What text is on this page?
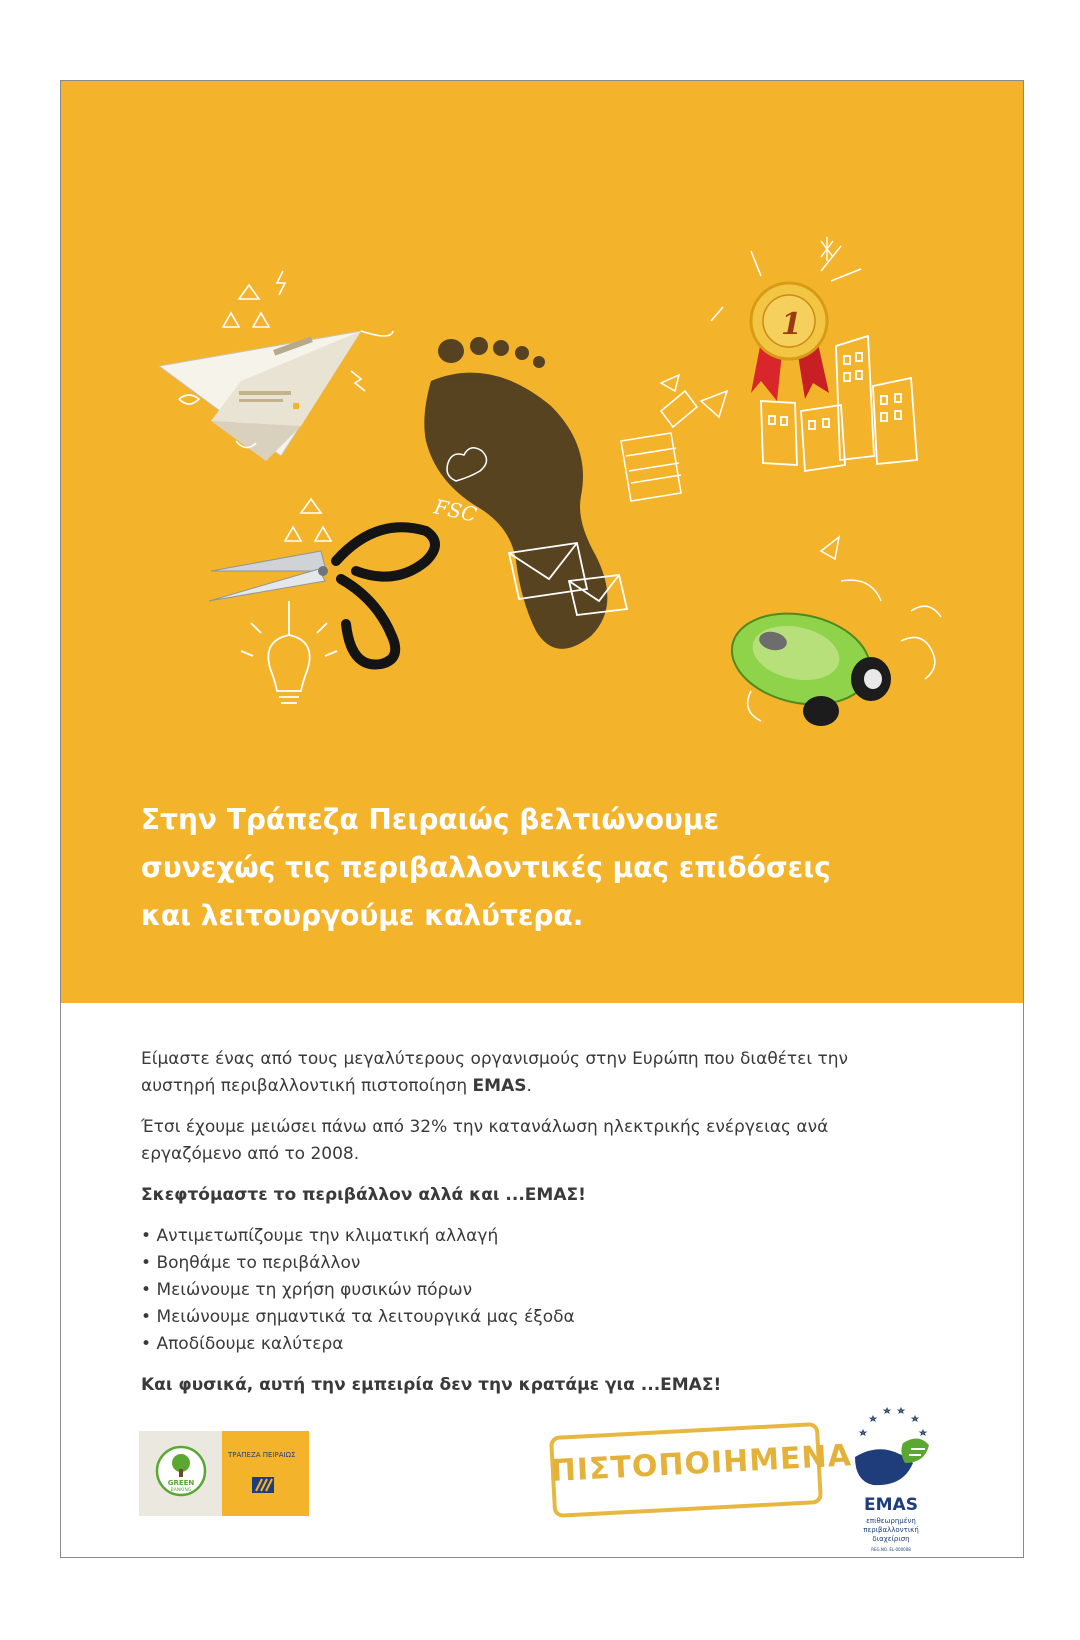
FSC
1
Στην Τράπεζα Πειραιώς βελτιώνουμε
συνεχώς τις περιβαλλοντικές μας επιδόσεις
και λειτουργούμε καλύτερα.

Είμαστε ένας από τους μεγαλύτερους οργανισμούς στην Ευρώπη που διαθέτει την αυστηρή περιβαλλοντική πιστοποίηση EMAS.

Έτσι έχουμε μειώσει πάνω από 32% την κατανάλωση ηλεκτρικής ενέργειας ανά εργαζόμενο από το 2008.

Σκεφτόμαστε το περιβάλλον αλλά και ...ΕΜΑΣ!

• Αντιμετωπίζουμε την κλιματική αλλαγή
• Βοηθάμε το περιβάλλον
• Μειώνουμε τη χρήση φυσικών πόρων
• Μειώνουμε σημαντικά τα λειτουργικά μας έξοδα
• Αποδίδουμε καλύτερα

Και φυσικά, αυτή την εμπειρία δεν την κρατάμε για ...ΕΜΑΣ!

GREEN
BANKING
ΤΡΑΠΕΖΑ ΠΕΙΡΑΙΩΣ	ΠΙΣΤΟΠΟΙΗΜΕΝΑ
EMAS
επιθεωρημένη
περιβαλλοντική
διαχείριση
REG.NO. EL-000008
